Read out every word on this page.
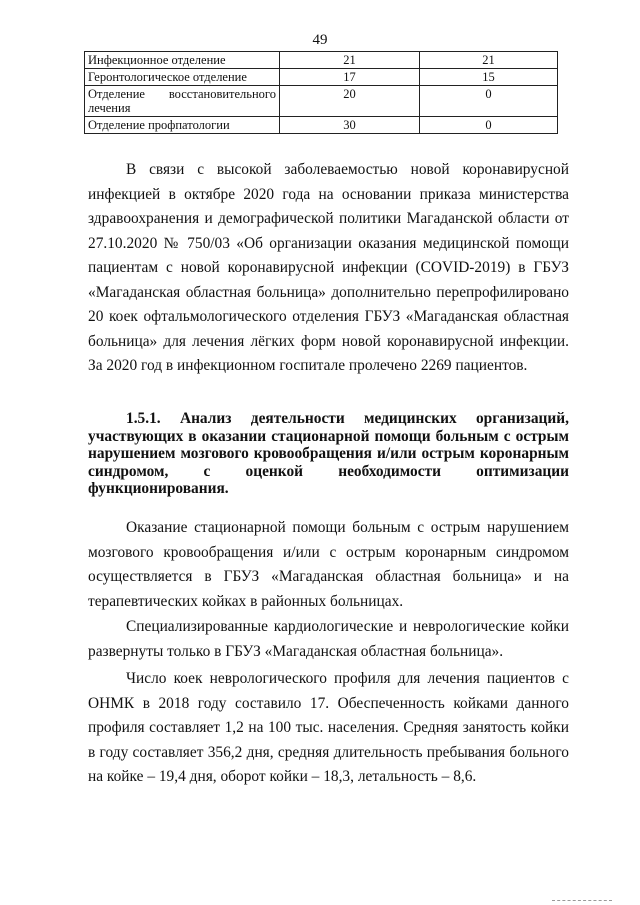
49
Инфекционное отделение	21	21
Геронтологическое отделение	17	15
Отделение восстановительного лечения	20	0
Отделение профпатологии	30	0

В связи с высокой заболеваемостью новой коронавирусной инфекцией в октябре 2020 года на основании приказа министерства здравоохранения и демографической политики Магаданской области от 27.10.2020 № 750/03 «Об организации оказания медицинской помощи пациентам с новой коронавирусной инфекции (COVID-2019) в ГБУЗ «Магаданская областная больница» дополнительно перепрофилировано 20 коек офтальмологического отделения ГБУЗ «Магаданская областная больница» для лечения лёгких форм новой коронавирусной инфекции. За 2020 год в инфекционном госпитале пролечено 2269 пациентов.

1.5.1. Анализ деятельности медицинских организаций, участвующих в оказании стационарной помощи больным с острым нарушением мозгового кровообращения и/или острым коронарным синдромом, с оценкой необходимости оптимизации функционирования.

Оказание стационарной помощи больным с острым нарушением мозгового кровообращения и/или с острым коронарным синдромом осуществляется в ГБУЗ «Магаданская областная больница» и на терапевтических койках в районных больницах.

Специализированные кардиологические и неврологические койки развернуты только в ГБУЗ «Магаданская областная больница».

Число коек неврологического профиля для лечения пациентов с ОНМК в 2018 году составило 17. Обеспеченность койками данного профиля составляет 1,2 на 100 тыс. населения. Средняя занятость койки в году составляет 356,2 дня, средняя длительность пребывания больного на койке – 19,4 дня, оборот койки – 18,3, летальность – 8,6.
